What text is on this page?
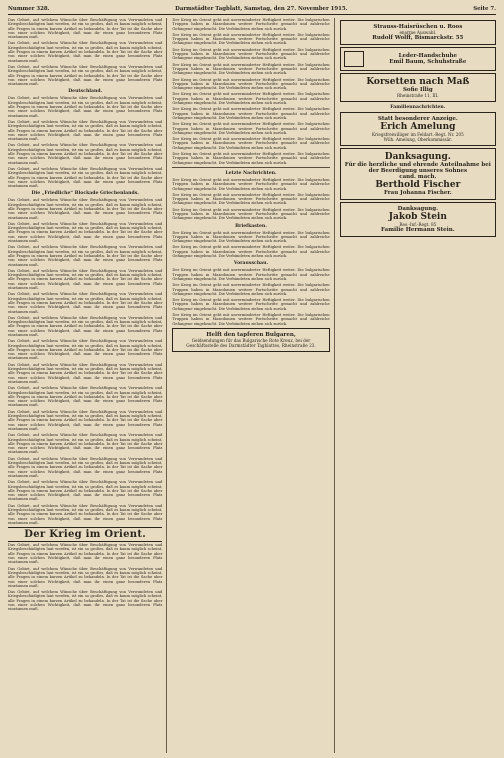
Nummer 328.	Darmstädter Tagblatt, Samstag, den 27. November 1915.	Seite 7.

Das Gebiet, auf welchem Wünsche über Beschäftigung von Verwundeten und Kriegsbeschädigten laut werden, ist ein so großes, daß es kaum möglich scheint, alle Fragen in einem kurzen Artikel zu behandeln. In der Tat ist die Sache aber von einer solchen Wichtigkeit, daß man ihr einen ganz besonderen Platz einräumen muß.

Das Gebiet, auf welchem Wünsche über Beschäftigung von Verwundeten und Kriegsbeschädigten laut werden, ist ein so großes, daß es kaum möglich scheint, alle Fragen in einem kurzen Artikel zu behandeln. In der Tat ist die Sache aber von einer solchen Wichtigkeit, daß man ihr einen ganz besonderen Platz einräumen muß.

Das Gebiet, auf welchem Wünsche über Beschäftigung von Verwundeten und Kriegsbeschädigten laut werden, ist ein so großes, daß es kaum möglich scheint, alle Fragen in einem kurzen Artikel zu behandeln. In der Tat ist die Sache aber von einer solchen Wichtigkeit, daß man ihr einen ganz besonderen Platz einräumen muß.

Deutschland.

Das Gebiet, auf welchem Wünsche über Beschäftigung von Verwundeten und Kriegsbeschädigten laut werden, ist ein so großes, daß es kaum möglich scheint, alle Fragen in einem kurzen Artikel zu behandeln. In der Tat ist die Sache aber von einer solchen Wichtigkeit, daß man ihr einen ganz besonderen Platz einräumen muß.

Das Gebiet, auf welchem Wünsche über Beschäftigung von Verwundeten und Kriegsbeschädigten laut werden, ist ein so großes, daß es kaum möglich scheint, alle Fragen in einem kurzen Artikel zu behandeln. In der Tat ist die Sache aber von einer solchen Wichtigkeit, daß man ihr einen ganz besonderen Platz einräumen muß.

Das Gebiet, auf welchem Wünsche über Beschäftigung von Verwundeten und Kriegsbeschädigten laut werden, ist ein so großes, daß es kaum möglich scheint, alle Fragen in einem kurzen Artikel zu behandeln. In der Tat ist die Sache aber von einer solchen Wichtigkeit, daß man ihr einen ganz besonderen Platz einräumen muß.

Das Gebiet, auf welchem Wünsche über Beschäftigung von Verwundeten und Kriegsbeschädigten laut werden, ist ein so großes, daß es kaum möglich scheint, alle Fragen in einem kurzen Artikel zu behandeln. In der Tat ist die Sache aber von einer solchen Wichtigkeit, daß man ihr einen ganz besonderen Platz einräumen muß.

Die „Friedliche“ Blockade Griechenlands.

Das Gebiet, auf welchem Wünsche über Beschäftigung von Verwundeten und Kriegsbeschädigten laut werden, ist ein so großes, daß es kaum möglich scheint, alle Fragen in einem kurzen Artikel zu behandeln. In der Tat ist die Sache aber von einer solchen Wichtigkeit, daß man ihr einen ganz besonderen Platz einräumen muß.

Das Gebiet, auf welchem Wünsche über Beschäftigung von Verwundeten und Kriegsbeschädigten laut werden, ist ein so großes, daß es kaum möglich scheint, alle Fragen in einem kurzen Artikel zu behandeln. In der Tat ist die Sache aber von einer solchen Wichtigkeit, daß man ihr einen ganz besonderen Platz einräumen muß.

Das Gebiet, auf welchem Wünsche über Beschäftigung von Verwundeten und Kriegsbeschädigten laut werden, ist ein so großes, daß es kaum möglich scheint, alle Fragen in einem kurzen Artikel zu behandeln. In der Tat ist die Sache aber von einer solchen Wichtigkeit, daß man ihr einen ganz besonderen Platz einräumen muß.

Das Gebiet, auf welchem Wünsche über Beschäftigung von Verwundeten und Kriegsbeschädigten laut werden, ist ein so großes, daß es kaum möglich scheint, alle Fragen in einem kurzen Artikel zu behandeln. In der Tat ist die Sache aber von einer solchen Wichtigkeit, daß man ihr einen ganz besonderen Platz einräumen muß.

Das Gebiet, auf welchem Wünsche über Beschäftigung von Verwundeten und Kriegsbeschädigten laut werden, ist ein so großes, daß es kaum möglich scheint, alle Fragen in einem kurzen Artikel zu behandeln. In der Tat ist die Sache aber von einer solchen Wichtigkeit, daß man ihr einen ganz besonderen Platz einräumen muß.

Das Gebiet, auf welchem Wünsche über Beschäftigung von Verwundeten und Kriegsbeschädigten laut werden, ist ein so großes, daß es kaum möglich scheint, alle Fragen in einem kurzen Artikel zu behandeln. In der Tat ist die Sache aber von einer solchen Wichtigkeit, daß man ihr einen ganz besonderen Platz einräumen muß.

Das Gebiet, auf welchem Wünsche über Beschäftigung von Verwundeten und Kriegsbeschädigten laut werden, ist ein so großes, daß es kaum möglich scheint, alle Fragen in einem kurzen Artikel zu behandeln. In der Tat ist die Sache aber von einer solchen Wichtigkeit, daß man ihr einen ganz besonderen Platz einräumen muß.

Das Gebiet, auf welchem Wünsche über Beschäftigung von Verwundeten und Kriegsbeschädigten laut werden, ist ein so großes, daß es kaum möglich scheint, alle Fragen in einem kurzen Artikel zu behandeln. In der Tat ist die Sache aber von einer solchen Wichtigkeit, daß man ihr einen ganz besonderen Platz einräumen muß.

Das Gebiet, auf welchem Wünsche über Beschäftigung von Verwundeten und Kriegsbeschädigten laut werden, ist ein so großes, daß es kaum möglich scheint, alle Fragen in einem kurzen Artikel zu behandeln. In der Tat ist die Sache aber von einer solchen Wichtigkeit, daß man ihr einen ganz besonderen Platz einräumen muß.

Das Gebiet, auf welchem Wünsche über Beschäftigung von Verwundeten und Kriegsbeschädigten laut werden, ist ein so großes, daß es kaum möglich scheint, alle Fragen in einem kurzen Artikel zu behandeln. In der Tat ist die Sache aber von einer solchen Wichtigkeit, daß man ihr einen ganz besonderen Platz einräumen muß.

Das Gebiet, auf welchem Wünsche über Beschäftigung von Verwundeten und Kriegsbeschädigten laut werden, ist ein so großes, daß es kaum möglich scheint, alle Fragen in einem kurzen Artikel zu behandeln. In der Tat ist die Sache aber von einer solchen Wichtigkeit, daß man ihr einen ganz besonderen Platz einräumen muß.

Das Gebiet, auf welchem Wünsche über Beschäftigung von Verwundeten und Kriegsbeschädigten laut werden, ist ein so großes, daß es kaum möglich scheint, alle Fragen in einem kurzen Artikel zu behandeln. In der Tat ist die Sache aber von einer solchen Wichtigkeit, daß man ihr einen ganz besonderen Platz einräumen muß.

Das Gebiet, auf welchem Wünsche über Beschäftigung von Verwundeten und Kriegsbeschädigten laut werden, ist ein so großes, daß es kaum möglich scheint, alle Fragen in einem kurzen Artikel zu behandeln. In der Tat ist die Sache aber von einer solchen Wichtigkeit, daß man ihr einen ganz besonderen Platz einräumen muß.

Das Gebiet, auf welchem Wünsche über Beschäftigung von Verwundeten und Kriegsbeschädigten laut werden, ist ein so großes, daß es kaum möglich scheint, alle Fragen in einem kurzen Artikel zu behandeln. In der Tat ist die Sache aber von einer solchen Wichtigkeit, daß man ihr einen ganz besonderen Platz einräumen muß.

Der Krieg im Orient.

Das Gebiet, auf welchem Wünsche über Beschäftigung von Verwundeten und Kriegsbeschädigten laut werden, ist ein so großes, daß es kaum möglich scheint, alle Fragen in einem kurzen Artikel zu behandeln. In der Tat ist die Sache aber von einer solchen Wichtigkeit, daß man ihr einen ganz besonderen Platz einräumen muß.

Das Gebiet, auf welchem Wünsche über Beschäftigung von Verwundeten und Kriegsbeschädigten laut werden, ist ein so großes, daß es kaum möglich scheint, alle Fragen in einem kurzen Artikel zu behandeln. In der Tat ist die Sache aber von einer solchen Wichtigkeit, daß man ihr einen ganz besonderen Platz einräumen muß.

Das Gebiet, auf welchem Wünsche über Beschäftigung von Verwundeten und Kriegsbeschädigten laut werden, ist ein so großes, daß es kaum möglich scheint, alle Fragen in einem kurzen Artikel zu behandeln. In der Tat ist die Sache aber von einer solchen Wichtigkeit, daß man ihr einen ganz besonderen Platz einräumen muß.

Der Krieg im Orient geht mit unverminderter Heftigkeit weiter. Die bulgarischen Truppen haben in Mazedonien weitere Fortschritte gemacht und zahlreiche Gefangene eingebracht. Die Verbündeten ziehen sich zurück.

Der Krieg im Orient geht mit unverminderter Heftigkeit weiter. Die bulgarischen Truppen haben in Mazedonien weitere Fortschritte gemacht und zahlreiche Gefangene eingebracht. Die Verbündeten ziehen sich zurück.

Der Krieg im Orient geht mit unverminderter Heftigkeit weiter. Die bulgarischen Truppen haben in Mazedonien weitere Fortschritte gemacht und zahlreiche Gefangene eingebracht. Die Verbündeten ziehen sich zurück.

Der Krieg im Orient geht mit unverminderter Heftigkeit weiter. Die bulgarischen Truppen haben in Mazedonien weitere Fortschritte gemacht und zahlreiche Gefangene eingebracht. Die Verbündeten ziehen sich zurück.

Der Krieg im Orient geht mit unverminderter Heftigkeit weiter. Die bulgarischen Truppen haben in Mazedonien weitere Fortschritte gemacht und zahlreiche Gefangene eingebracht. Die Verbündeten ziehen sich zurück.

Der Krieg im Orient geht mit unverminderter Heftigkeit weiter. Die bulgarischen Truppen haben in Mazedonien weitere Fortschritte gemacht und zahlreiche Gefangene eingebracht. Die Verbündeten ziehen sich zurück.

Der Krieg im Orient geht mit unverminderter Heftigkeit weiter. Die bulgarischen Truppen haben in Mazedonien weitere Fortschritte gemacht und zahlreiche Gefangene eingebracht. Die Verbündeten ziehen sich zurück.

Der Krieg im Orient geht mit unverminderter Heftigkeit weiter. Die bulgarischen Truppen haben in Mazedonien weitere Fortschritte gemacht und zahlreiche Gefangene eingebracht. Die Verbündeten ziehen sich zurück.

Der Krieg im Orient geht mit unverminderter Heftigkeit weiter. Die bulgarischen Truppen haben in Mazedonien weitere Fortschritte gemacht und zahlreiche Gefangene eingebracht. Die Verbündeten ziehen sich zurück.

Der Krieg im Orient geht mit unverminderter Heftigkeit weiter. Die bulgarischen Truppen haben in Mazedonien weitere Fortschritte gemacht und zahlreiche Gefangene eingebracht. Die Verbündeten ziehen sich zurück.

Letzte Nachrichten.

Der Krieg im Orient geht mit unverminderter Heftigkeit weiter. Die bulgarischen Truppen haben in Mazedonien weitere Fortschritte gemacht und zahlreiche Gefangene eingebracht. Die Verbündeten ziehen sich zurück.

Der Krieg im Orient geht mit unverminderter Heftigkeit weiter. Die bulgarischen Truppen haben in Mazedonien weitere Fortschritte gemacht und zahlreiche Gefangene eingebracht. Die Verbündeten ziehen sich zurück.

Der Krieg im Orient geht mit unverminderter Heftigkeit weiter. Die bulgarischen Truppen haben in Mazedonien weitere Fortschritte gemacht und zahlreiche Gefangene eingebracht. Die Verbündeten ziehen sich zurück.

Briefkasten.

Der Krieg im Orient geht mit unverminderter Heftigkeit weiter. Die bulgarischen Truppen haben in Mazedonien weitere Fortschritte gemacht und zahlreiche Gefangene eingebracht. Die Verbündeten ziehen sich zurück.

Der Krieg im Orient geht mit unverminderter Heftigkeit weiter. Die bulgarischen Truppen haben in Mazedonien weitere Fortschritte gemacht und zahlreiche Gefangene eingebracht. Die Verbündeten ziehen sich zurück.

Vorausschau.

Der Krieg im Orient geht mit unverminderter Heftigkeit weiter. Die bulgarischen Truppen haben in Mazedonien weitere Fortschritte gemacht und zahlreiche Gefangene eingebracht. Die Verbündeten ziehen sich zurück.

Der Krieg im Orient geht mit unverminderter Heftigkeit weiter. Die bulgarischen Truppen haben in Mazedonien weitere Fortschritte gemacht und zahlreiche Gefangene eingebracht. Die Verbündeten ziehen sich zurück.

Der Krieg im Orient geht mit unverminderter Heftigkeit weiter. Die bulgarischen Truppen haben in Mazedonien weitere Fortschritte gemacht und zahlreiche Gefangene eingebracht. Die Verbündeten ziehen sich zurück.

Der Krieg im Orient geht mit unverminderter Heftigkeit weiter. Die bulgarischen Truppen haben in Mazedonien weitere Fortschritte gemacht und zahlreiche Gefangene eingebracht. Die Verbündeten ziehen sich zurück.

Helft den tapferen Bulgaren,
Geldsendungen für das Bulgarische Rote Kreuz, bei der Geschäftsstelle des Darmstädter Tagblattes, Rheinstraße 23.
Strauss-Haisrüschen u. Roos
enorme Auswahl.
Rudolf Wolff, Bismarckstr. 55
Leder-Handschuhe
Emil Baum, Schuhstraße
Korsetten nach Maß
Sofie Illig
Rheinstraße 11, III.
Familiennachrichten.
Statt besonderer Anzeige.
Erich Amelung
Kriegsfreiwilliger im Feldart.-Regt. Nr. 205
Wilh. Amelung, Oberkommissär.
Danksagung.
Für die herzliche und ehrende Anteilnahme bei der Beerdigung unseres Sohnes
cand. mach.
Berthold Fischer
Frau Johanna Fischer.
Danksagung.
Jakob Stein
Res.-Inf.-Regt. 85
Familie Hermann Stein.
